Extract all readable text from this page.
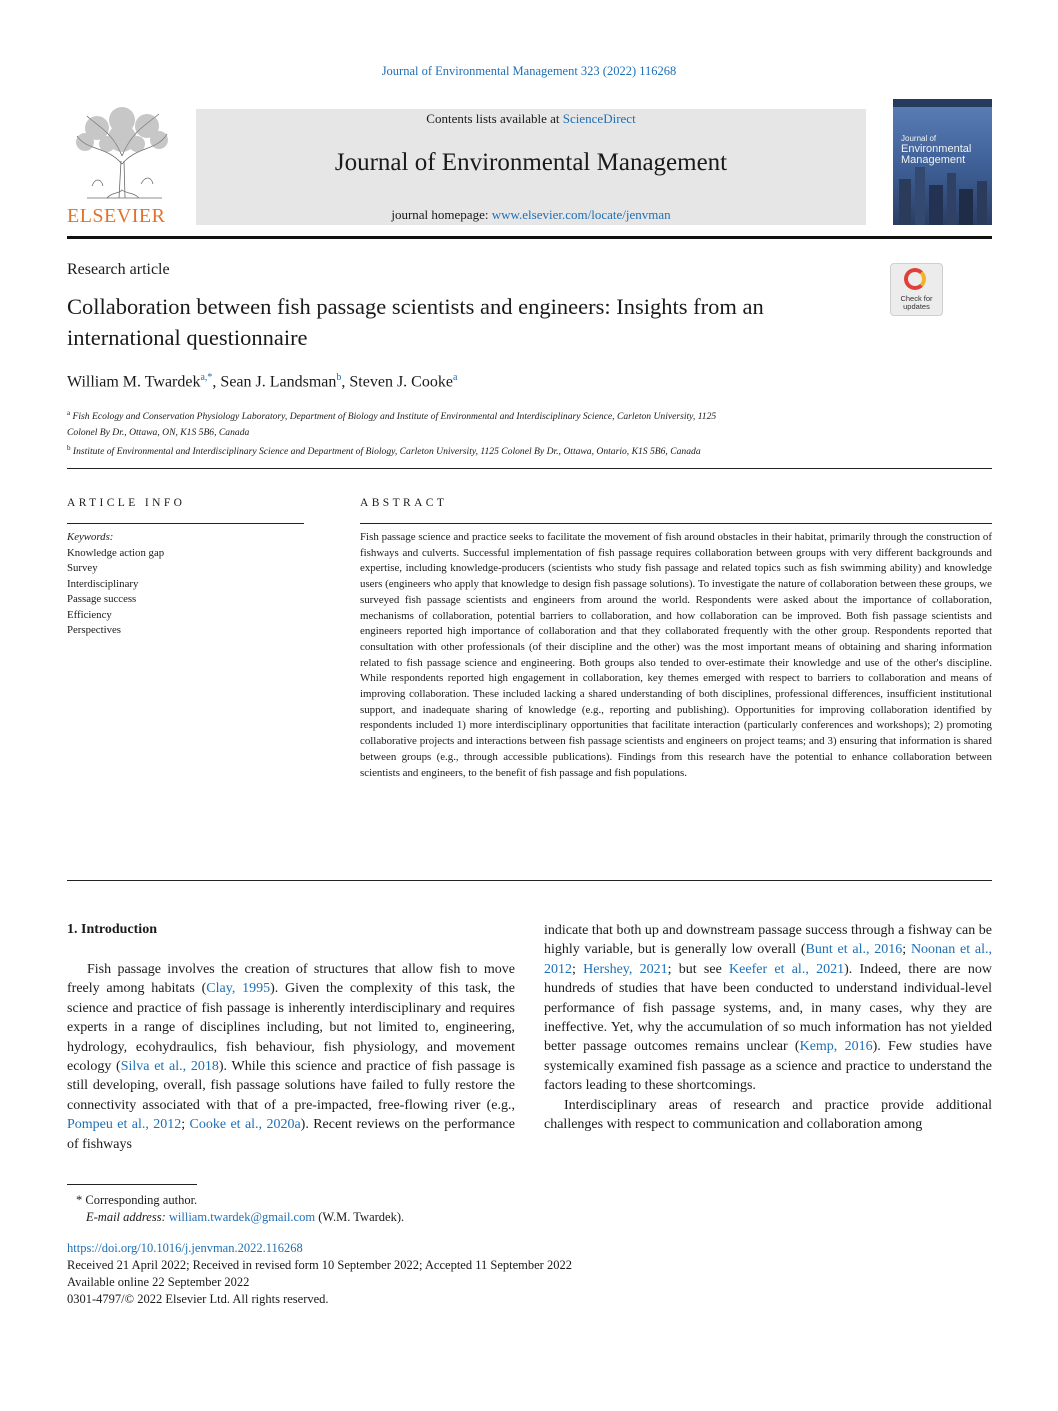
Journal of Environmental Management 323 (2022) 116268
ELSEVIER
Contents lists available at ScienceDirect
Journal of Environmental Management
journal homepage: www.elsevier.com/locate/jenvman
Journal of
Environmental
Management
Research article
Collaboration between fish passage scientists and engineers: Insights from an international questionnaire
Check for
updates
William M. Twardek$^{a,*}$, Sean J. Landsman$^b$, Steven J. Cooke$^a$
$^a$ Fish Ecology and Conservation Physiology Laboratory, Department of Biology and Institute of Environmental and Interdisciplinary Science, Carleton University, 1125
Colonel By Dr., Ottawa, ON, K1S 5B6, Canada
$^b$ Institute of Environmental and Interdisciplinary Science and Department of Biology, Carleton University, 1125 Colonel By Dr., Ottawa, Ontario, K1S 5B6, Canada
ARTICLE INFO
Keywords:
Knowledge action gap
Survey
Interdisciplinary
Passage success
Efficiency
Perspectives
ABSTRACT
Fish passage science and practice seeks to facilitate the movement of fish around obstacles in their habitat, primarily through the construction of fishways and culverts. Successful implementation of fish passage requires collaboration between groups with very different backgrounds and expertise, including knowledge-producers (scientists who study fish passage and related topics such as fish swimming ability) and knowledge users (engineers who apply that knowledge to design fish passage solutions). To investigate the nature of collaboration between these groups, we surveyed fish passage scientists and engineers from around the world. Respondents were asked about the importance of collaboration, mechanisms of collaboration, potential barriers to collaboration, and how collaboration can be improved. Both fish passage scientists and engineers reported high importance of collaboration and that they collaborated frequently with the other group. Respondents reported that consultation with other professionals (of their discipline and the other) was the most important means of obtaining and sharing information related to fish passage science and engineering. Both groups also tended to over-estimate their knowledge and use of the other's discipline. While respondents reported high engagement in collaboration, key themes emerged with respect to barriers to collaboration and means of improving collaboration. These included lacking a shared understanding of both disciplines, professional differences, insufficient institutional support, and inadequate sharing of knowledge (e.g., reporting and publishing). Opportunities for improving collaboration identified by respondents included 1) more interdisciplinary opportunities that facilitate interaction (particularly conferences and workshops); 2) promoting collaborative projects and interactions between fish passage scientists and engineers on project teams; and 3) ensuring that information is shared between groups (e.g., through accessible publications). Findings from this research have the potential to enhance collaboration between scientists and engineers, to the benefit of fish passage and fish populations.
1. Introduction

Fish passage involves the creation of structures that allow fish to move freely among habitats (Clay, 1995). Given the complexity of this task, the science and practice of fish passage is inherently interdisciplinary and requires experts in a range of disciplines including, but not limited to, engineering, hydrology, ecohydraulics, fish behaviour, fish physiology, and movement ecology (Silva et al., 2018). While this science and practice of fish passage is still developing, overall, fish passage solutions have failed to fully restore the connectivity associated with that of a pre-impacted, free-flowing river (e.g., Pompeu et al., 2012; Cooke et al., 2020a). Recent reviews on the performance of fishways

indicate that both up and downstream passage success through a fishway can be highly variable, but is generally low overall (Bunt et al., 2016; Noonan et al., 2012; Hershey, 2021; but see Keefer et al., 2021). Indeed, there are now hundreds of studies that have been conducted to understand individual-level performance of fish passage systems, and, in many cases, why they are ineffective. Yet, why the accumulation of so much information has not yielded better passage outcomes remains unclear (Kemp, 2016). Few studies have systemically examined fish passage as a science and practice to understand the factors leading to these shortcomings.

Interdisciplinary areas of research and practice provide additional challenges with respect to communication and collaboration among

* Corresponding author.
E-mail address: william.twardek@gmail.com (W.M. Twardek).
https://doi.org/10.1016/j.jenvman.2022.116268
Received 21 April 2022; Received in revised form 10 September 2022; Accepted 11 September 2022
Available online 22 September 2022
0301-4797/© 2022 Elsevier Ltd. All rights reserved.
